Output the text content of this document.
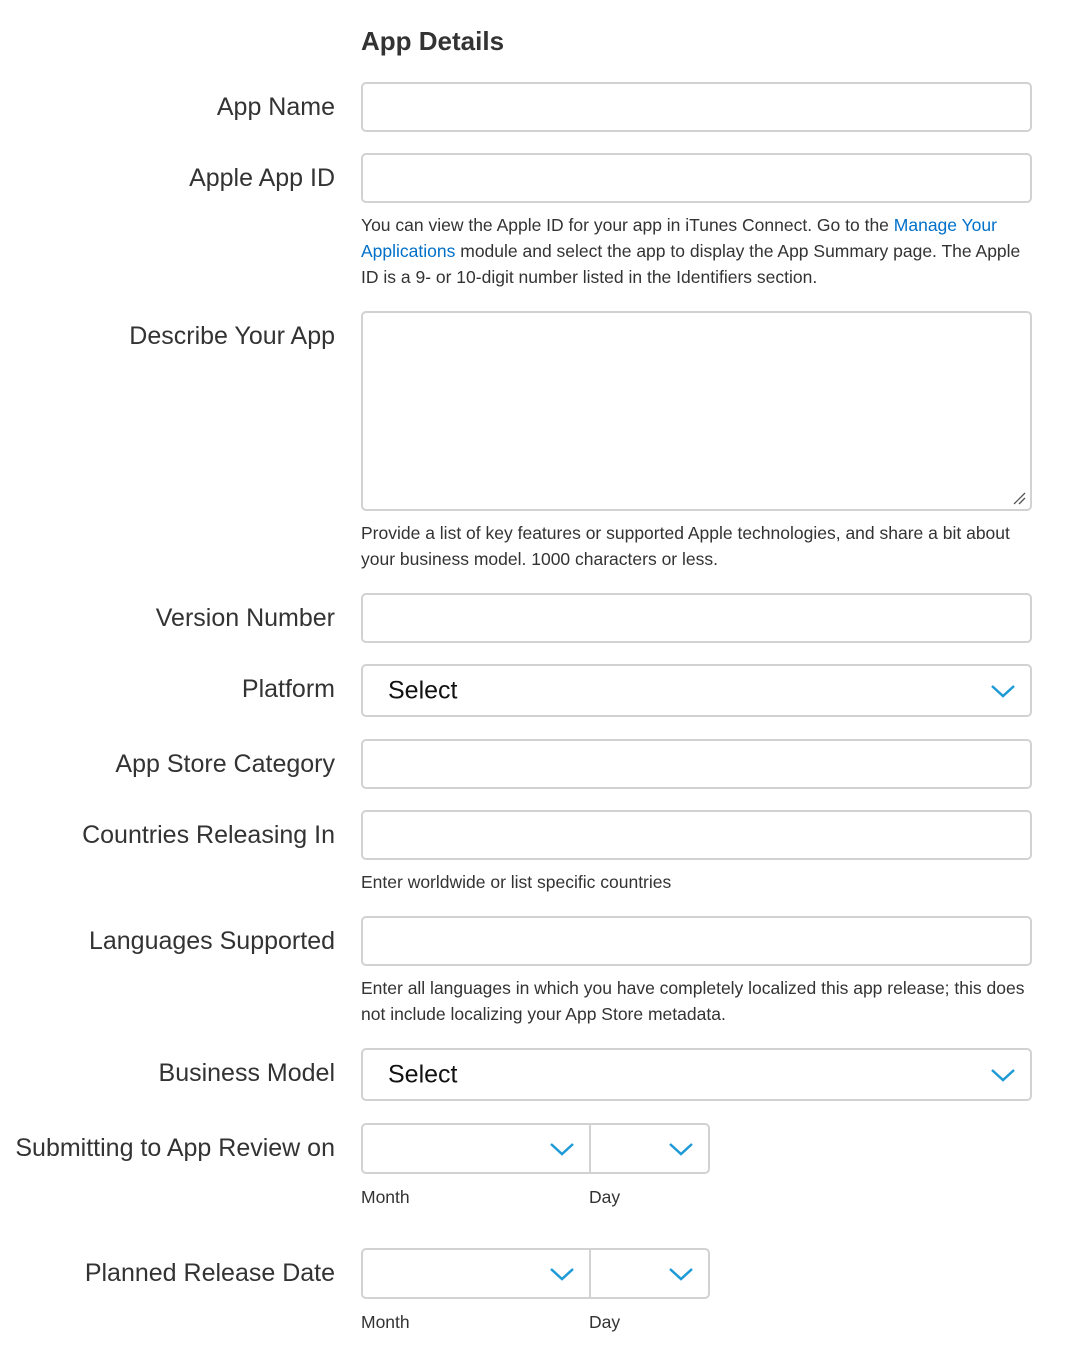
App Details
App Name
Apple App ID
You can view the Apple ID for your app in iTunes Connect. Go to the Manage Your Applications module and select the app to display the App Summary page. The Apple ID is a 9- or 10-digit number listed in the Identifiers section.
Describe Your App
Provide a list of key features or supported Apple technologies, and share a bit about your business model. 1000 characters or less.
Version Number
Platform Select
App Store Category
Countries Releasing In
Enter worldwide or list specific countries
Languages Supported
Enter all languages in which you have completely localized this app release; this does not include localizing your App Store metadata.
Business Model Select
Submitting to App Review on
Month	Day
Planned Release Date
Month	Day
